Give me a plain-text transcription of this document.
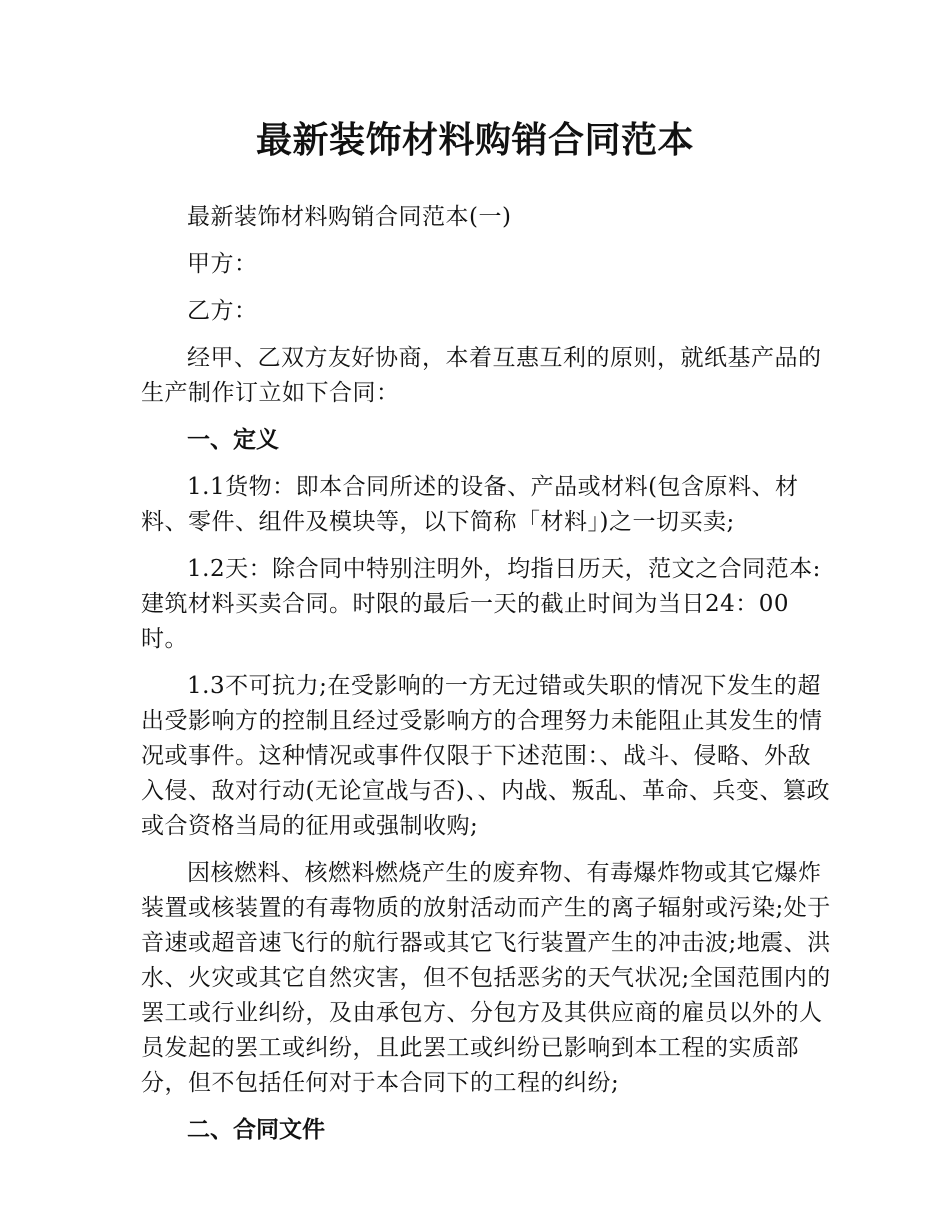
最新装饰材料购销合同范本

最新装饰材料购销合同范本(一)

甲方：

乙方：

经甲、乙双方友好协商，本着互惠互利的原则，就纸基产品的生产制作订立如下合同：

一、定义

1.1货物：即本合同所述的设备、产品或材料(包含原料、材料、零件、组件及模块等，以下简称「材料」)之一切买卖;

1.2天：除合同中特别注明外，均指日历天，范文之合同范本:建筑材料买卖合同。时限的最后一天的截止时间为当日24：00时。

1.3不可抗力;在受影响的一方无过错或失职的情况下发生的超出受影响方的控制且经过受影响方的合理努力未能阻止其发生的情况或事件。这种情况或事件仅限于下述范围：、战斗、侵略、外敌入侵、敌对行动(无论宣战与否)、、内战、叛乱、革命、兵变、篡政或合资格当局的征用或强制收购;

因核燃料、核燃料燃烧产生的废弃物、有毒爆炸物或其它爆炸装置或核装置的有毒物质的放射活动而产生的离子辐射或污染;处于音速或超音速飞行的航行器或其它飞行装置产生的冲击波;地震、洪水、火灾或其它自然灾害，但不包括恶劣的天气状况;全国范围内的罢工或行业纠纷，及由承包方、分包方及其供应商的雇员以外的人员发起的罢工或纠纷，且此罢工或纠纷已影响到本工程的实质部分，但不包括任何对于本合同下的工程的纠纷;

二、合同文件
